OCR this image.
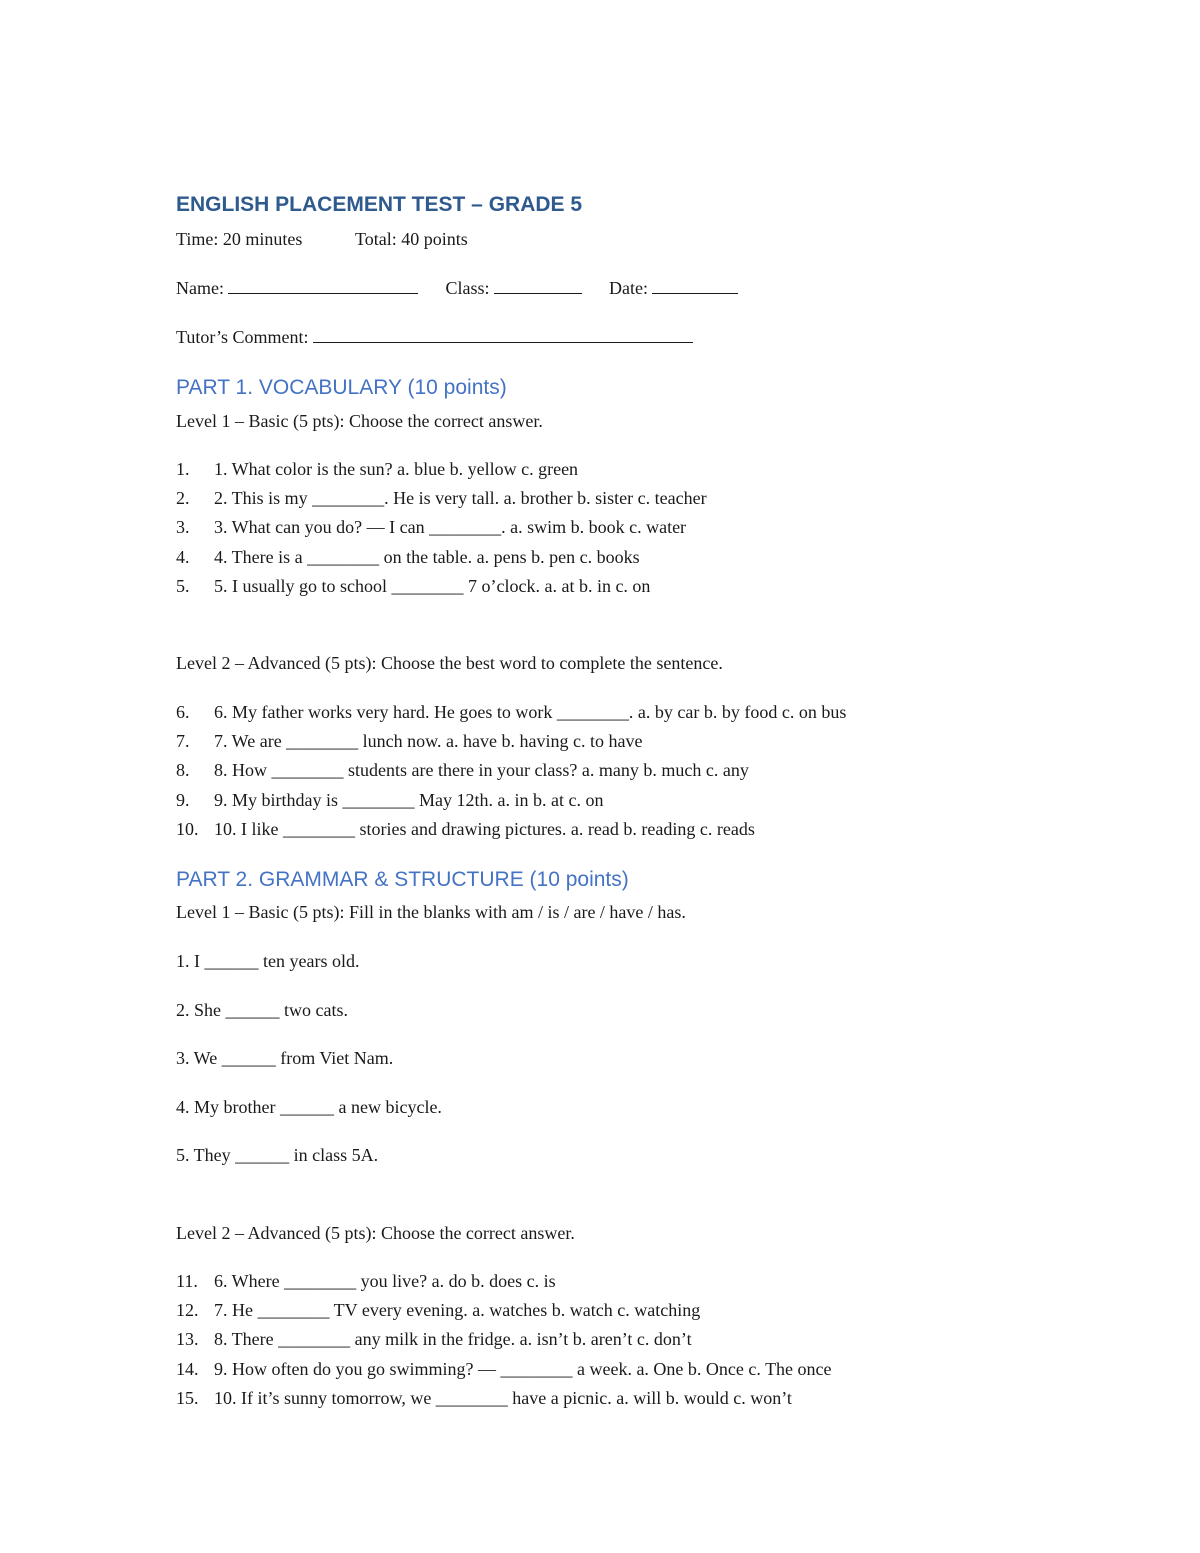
ENGLISH PLACEMENT TEST – GRADE 5
Time: 20 minutes	Total: 40 points
Name:	Class:	Date:
Tutor’s Comment:
PART 1. VOCABULARY (10 points)
Level 1 – Basic (5 pts): Choose the correct answer.
1. 1. What color is the sun? a. blue b. yellow c. green
2. 2. This is my ________. He is very tall. a. brother b. sister c. teacher
3. 3. What can you do? — I can ________. a. swim b. book c. water
4. 4. There is a ________ on the table. a. pens b. pen c. books
5. 5. I usually go to school ________ 7 o’clock. a. at b. in c. on
Level 2 – Advanced (5 pts): Choose the best word to complete the sentence.
6. 6. My father works very hard. He goes to work ________. a. by car b. by food c. on bus
7. 7. We are ________ lunch now. a. have b. having c. to have
8. 8. How ________ students are there in your class? a. many b. much c. any
9. 9. My birthday is ________ May 12th. a. in b. at c. on
10. 10. I like ________ stories and drawing pictures. a. read b. reading c. reads
PART 2. GRAMMAR & STRUCTURE (10 points)
Level 1 – Basic (5 pts): Fill in the blanks with am / is / are / have / has.
1. I ______ ten years old.
2. She ______ two cats.
3. We ______ from Viet Nam.
4. My brother ______ a new bicycle.
5. They ______ in class 5A.
Level 2 – Advanced (5 pts): Choose the correct answer.
11. 6. Where ________ you live? a. do b. does c. is
12. 7. He ________ TV every evening. a. watches b. watch c. watching
13. 8. There ________ any milk in the fridge. a. isn’t b. aren’t c. don’t
14. 9. How often do you go swimming? — ________ a week. a. One b. Once c. The once
15. 10. If it’s sunny tomorrow, we ________ have a picnic. a. will b. would c. won’t
